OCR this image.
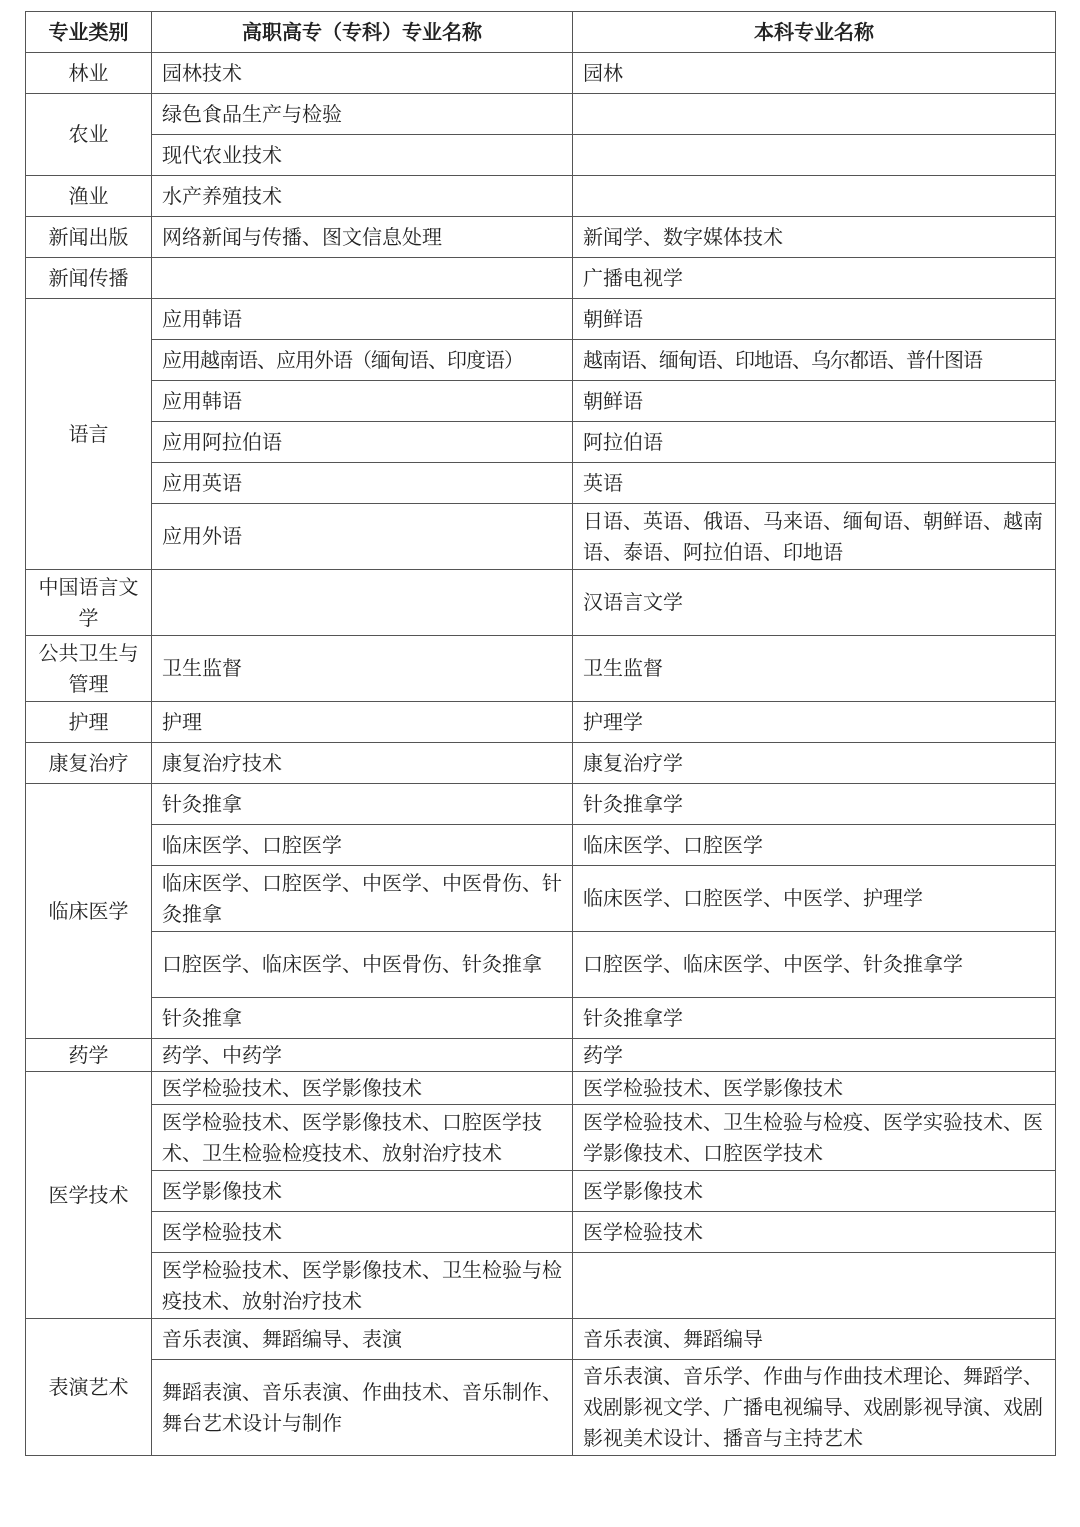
专业类别	高职高专（专科）专业名称	本科专业名称
林业	园林技术	园林
农业	绿色食品生产与检验	
	现代农业技术	
渔业	水产养殖技术	
新闻出版	网络新闻与传播、图文信息处理	新闻学、数字媒体技术
新闻传播		广播电视学
语言	应用韩语	朝鲜语
	应用越南语、应用外语（缅甸语、印度语）	越南语、缅甸语、印地语、乌尔都语、普什图语
	应用韩语	朝鲜语
	应用阿拉伯语	阿拉伯语
	应用英语	英语
	应用外语	日语、英语、俄语、马来语、缅甸语、朝鲜语、越南语、泰语、阿拉伯语、印地语
中国语言文学		汉语言文学
公共卫生与管理	卫生监督	卫生监督
护理	护理	护理学
康复治疗	康复治疗技术	康复治疗学
临床医学	针灸推拿	针灸推拿学
	临床医学、口腔医学	临床医学、口腔医学
	临床医学、口腔医学、中医学、中医骨伤、针灸推拿	临床医学、口腔医学、中医学、护理学
	口腔医学、临床医学、中医骨伤、针灸推拿	口腔医学、临床医学、中医学、针灸推拿学
	针灸推拿	针灸推拿学
药学	药学、中药学	药学
医学技术	医学检验技术、医学影像技术	医学检验技术、医学影像技术
	医学检验技术、医学影像技术、口腔医学技术、卫生检验检疫技术、放射治疗技术	医学检验技术、卫生检验与检疫、医学实验技术、医学影像技术、口腔医学技术
	医学影像技术	医学影像技术
	医学检验技术	医学检验技术
	医学检验技术、医学影像技术、卫生检验与检疫技术、放射治疗技术	
表演艺术	音乐表演、舞蹈编导、表演	音乐表演、舞蹈编导
	舞蹈表演、音乐表演、作曲技术、音乐制作、舞台艺术设计与制作	音乐表演、音乐学、作曲与作曲技术理论、舞蹈学、戏剧影视文学、广播电视编导、戏剧影视导演、戏剧影视美术设计、播音与主持艺术
